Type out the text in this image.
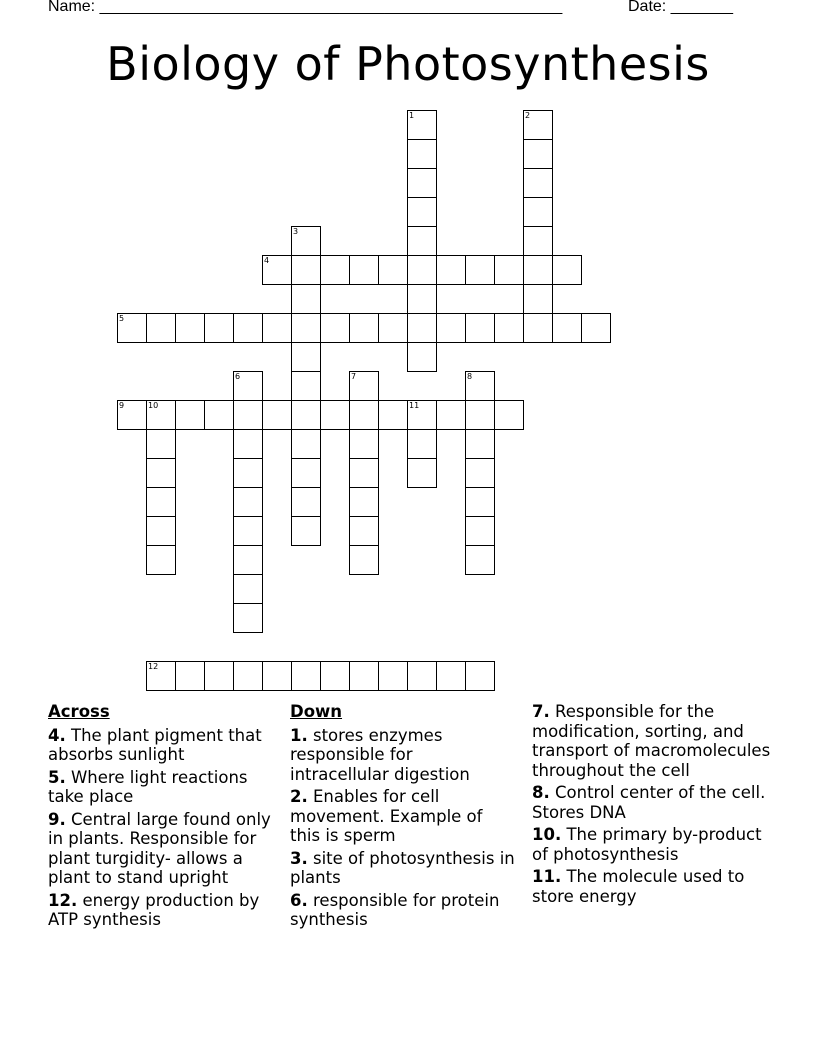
Name: ____________________________________________________	Date: _______
Biology of Photosynthesis
1	2
3
4
5
6	7	8
9	10	11
12
Across
4. The plant pigment that absorbs sunlight
5. Where light reactions take place
9. Central large found only in plants. Responsible for plant turgidity- allows a plant to stand upright
12. energy production by ATP synthesis
Down
1. stores enzymes responsible for intracellular digestion
2. Enables for cell movement. Example of this is sperm
3. site of photosynthesis in plants
6. responsible for protein synthesis
7. Responsible for the modification, sorting, and transport of macromolecules throughout the cell
8. Control center of the cell. Stores DNA
10. The primary by-product of photosynthesis
11. The molecule used to store energy
